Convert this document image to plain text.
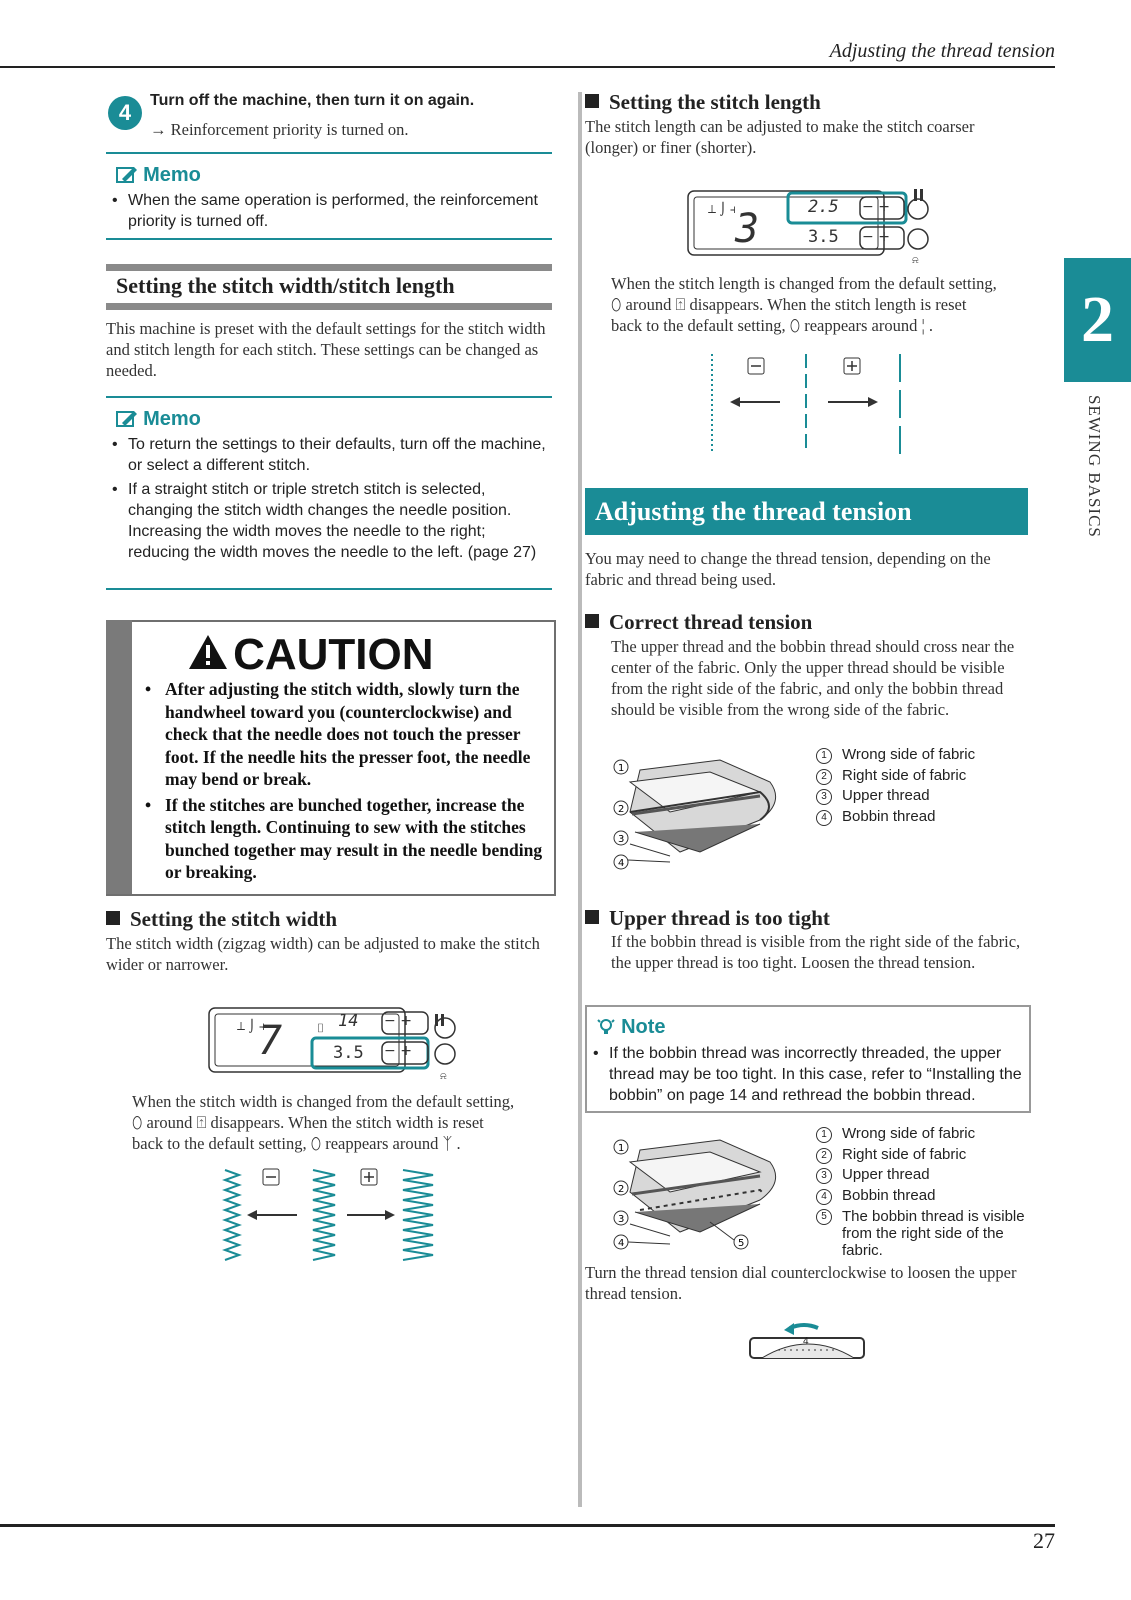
Adjusting the thread tension
27
2
SEWING BASICS
4	Turn off the machine, then turn it on again.
→ Reinforcement priority is turned on.
Memo
• When the same operation is performed, the reinforcement priority is turned off.
Setting the stitch width/stitch length
This machine is preset with the default settings for the stitch width and stitch length for each stitch. These settings can be changed as needed.
Memo
• To return the settings to their defaults, turn off the machine, or select a different stitch.
• If a straight stitch or triple stretch stitch is selected, changing the stitch width changes the needle position. Increasing the width moves the needle to the right; reducing the width moves the needle to the left. (page 27)
CAUTION
• After adjusting the stitch width, slowly turn the handwheel toward you (counterclockwise) and check that the needle does not touch the presser foot. If the needle hits the presser foot, the needle may bend or break.
• If the stitches are bunched together, increase the stitch length. Continuing to sew with the stitches bunched together may result in the needle bending or breaking.
Setting the stitch width
The stitch width (zigzag width) can be adjusted to make the stitch wider or narrower.
⟂ ⌡ ⫞	⌷
⍾
7	14
3.5
− +
− +
When the stitch width is changed from the default setting,
⬯ around ⍐ disappears. When the stitch width is reset
back to the default setting, ⬯ reappears around ᛉ .
Setting the stitch length
The stitch length can be adjusted to make the stitch coarser (longer) or finer (shorter).
⟂ ⌡ ⫞
⍾
3	2.5
3.5
− +
− +
When the stitch length is changed from the default setting,
⬯ around ⍐ disappears. When the stitch length is reset
back to the default setting, ⬯ reappears around ¦ .
Adjusting the thread tension
You may need to change the thread tension, depending on the fabric and thread being used.
Correct thread tension
The upper thread and the bobbin thread should cross near the center of the fabric. Only the upper thread should be visible from the right side of the fabric, and only the bobbin thread should be visible from the wrong side of the fabric.
1
2
3
4
1	Wrong side of fabric
2	Right side of fabric
3	Upper thread
4	Bobbin thread
Upper thread is too tight
If the bobbin thread is visible from the right side of the fabric, the upper thread is too tight. Loosen the thread tension.
Note
• If the bobbin thread was incorrectly threaded, the upper thread may be too tight. In this case, refer to “Installing the bobbin” on page 14 and rethread the bobbin thread.
1
2
3
4	5
1	Wrong side of fabric
2	Right side of fabric
3	Upper thread
4	Bobbin thread
5	The bobbin thread is visible from the right side of the fabric.
Turn the thread tension dial counterclockwise to loosen the upper thread tension.
4
